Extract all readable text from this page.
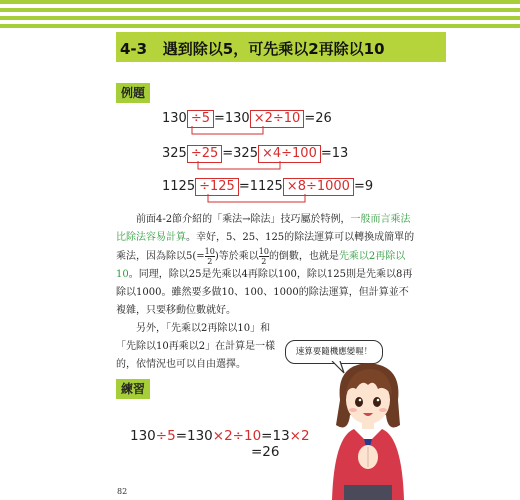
4-3 遇到除以5，可先乘以2再除以10
例題
130 ÷5 =130 ×2÷10 =26
325 ÷25 =325 ×4÷100 =13
1125 ÷125 =1125 ×8÷1000 =9
前面4-2節介紹的「乘法→除法」技巧屬於特例，一般而言乘法比除法容易計算。幸好，5、25、125的除法運算可以轉換成簡單的乘法，因為除以$5(= \frac{10}{2}$ )等於乘以 $\frac{10}{2}$ 的倒數，也就是先乘以2再除以10。同理，除以25是先乘以4再除以100，除以125則是先乘以8再除以1000。雖然要多做10、100、1000的除法運算，但計算並不複雜，只要移動位數就好。
另外，「先乘以2再除以10」和「先除以10再乘以2」在計算是一樣的，依情況也可以自由選擇。
速算要隨機應變喔！
練習
130÷5=130×2÷10=13×2
=26
82
